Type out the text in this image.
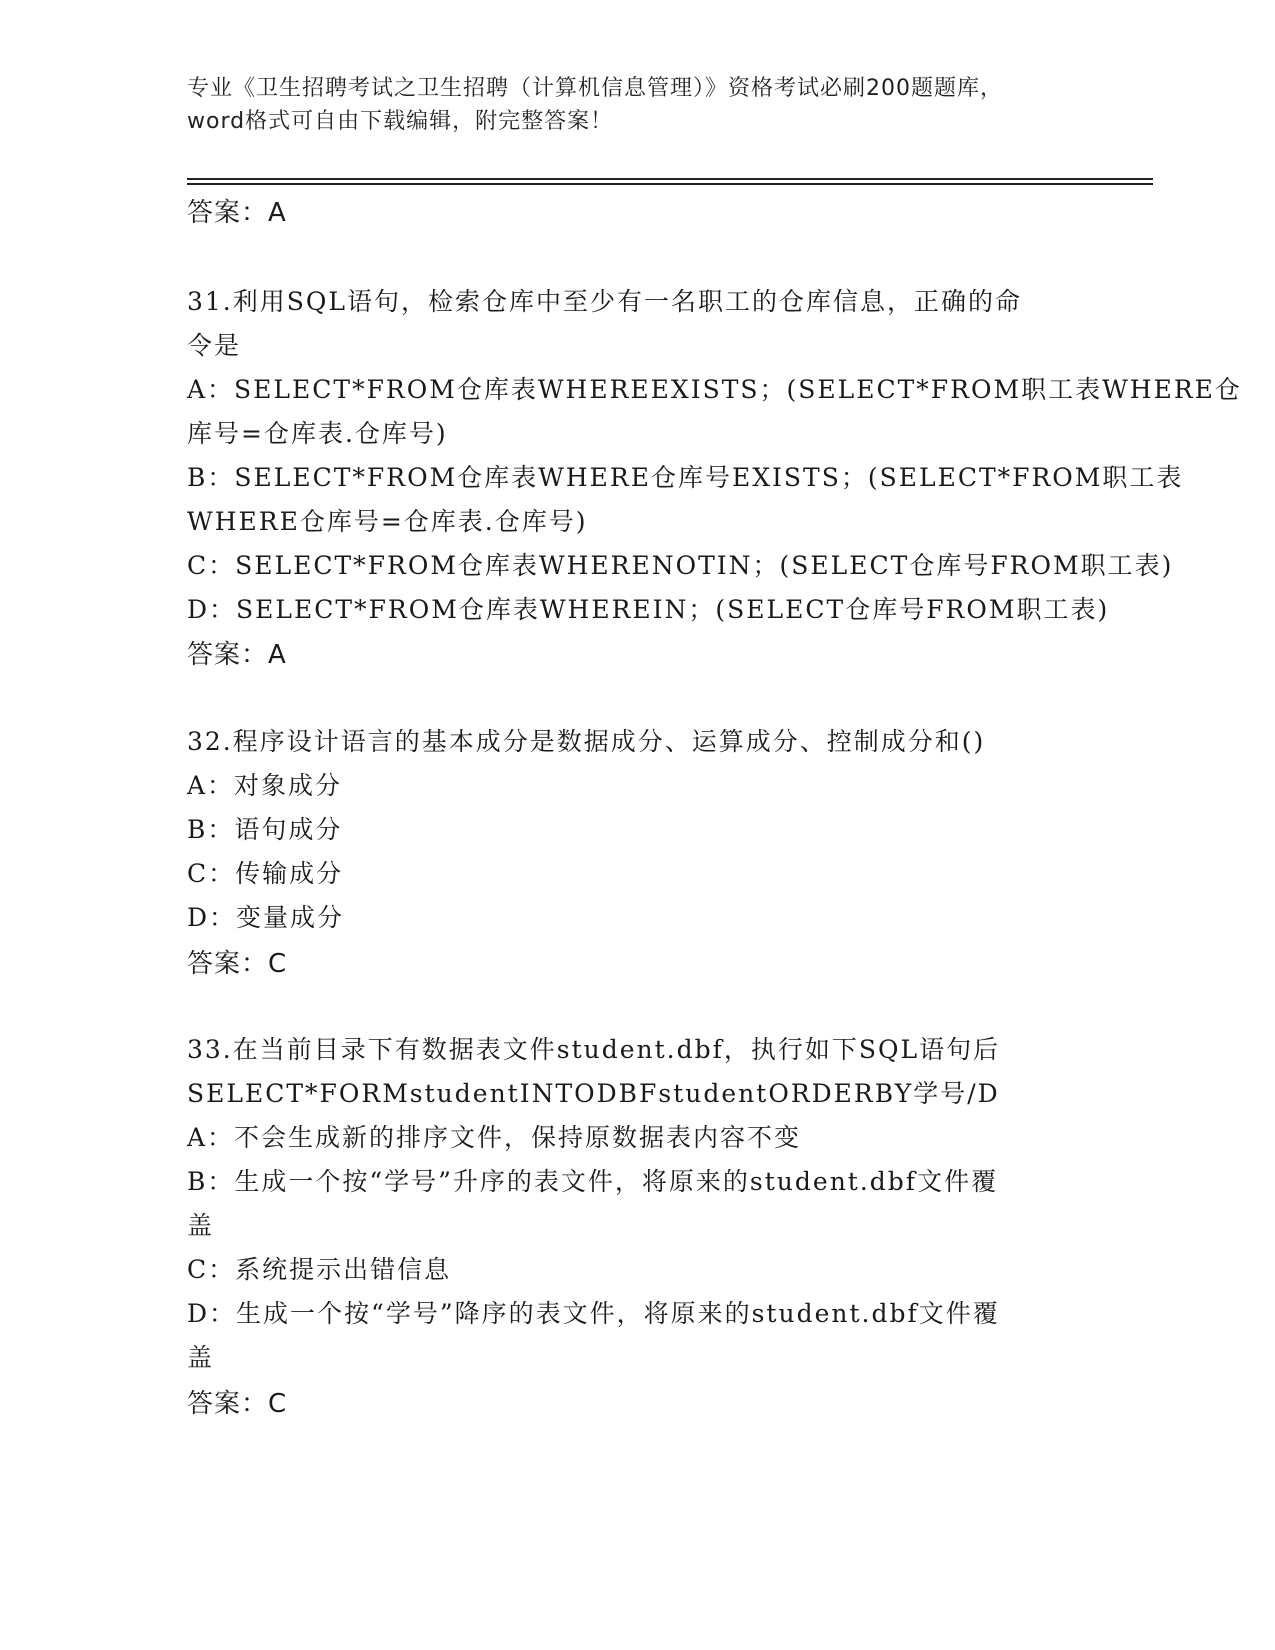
专业《卫生招聘考试之卫生招聘（计算机信息管理）》资格考试必刷200题题库，
word格式可自由下载编辑，附完整答案！
答案：A
31.利用SQL语句，检索仓库中至少有一名职工的仓库信息，正确的命
令是
A：SELECT*FROM仓库表WHEREEXISTS；(SELECT*FROM职工表WHERE仓
库号=仓库表.仓库号)
B：SELECT*FROM仓库表WHERE仓库号EXISTS；(SELECT*FROM职工表
WHERE仓库号=仓库表.仓库号)
C：SELECT*FROM仓库表WHERENOTIN；(SELECT仓库号FROM职工表)
D：SELECT*FROM仓库表WHEREIN；(SELECT仓库号FROM职工表)
答案：A
32.程序设计语言的基本成分是数据成分、运算成分、控制成分和()
A：对象成分
B：语句成分
C：传输成分
D：变量成分
答案：C
33.在当前目录下有数据表文件student.dbf，执行如下SQL语句后
SELECT*FORMstudentINTODBFstudentORDERBY学号/D
A：不会生成新的排序文件，保持原数据表内容不变
B：生成一个按“学号”升序的表文件，将原来的student.dbf文件覆
盖
C：系统提示出错信息
D：生成一个按“学号”降序的表文件，将原来的student.dbf文件覆
盖
答案：C
